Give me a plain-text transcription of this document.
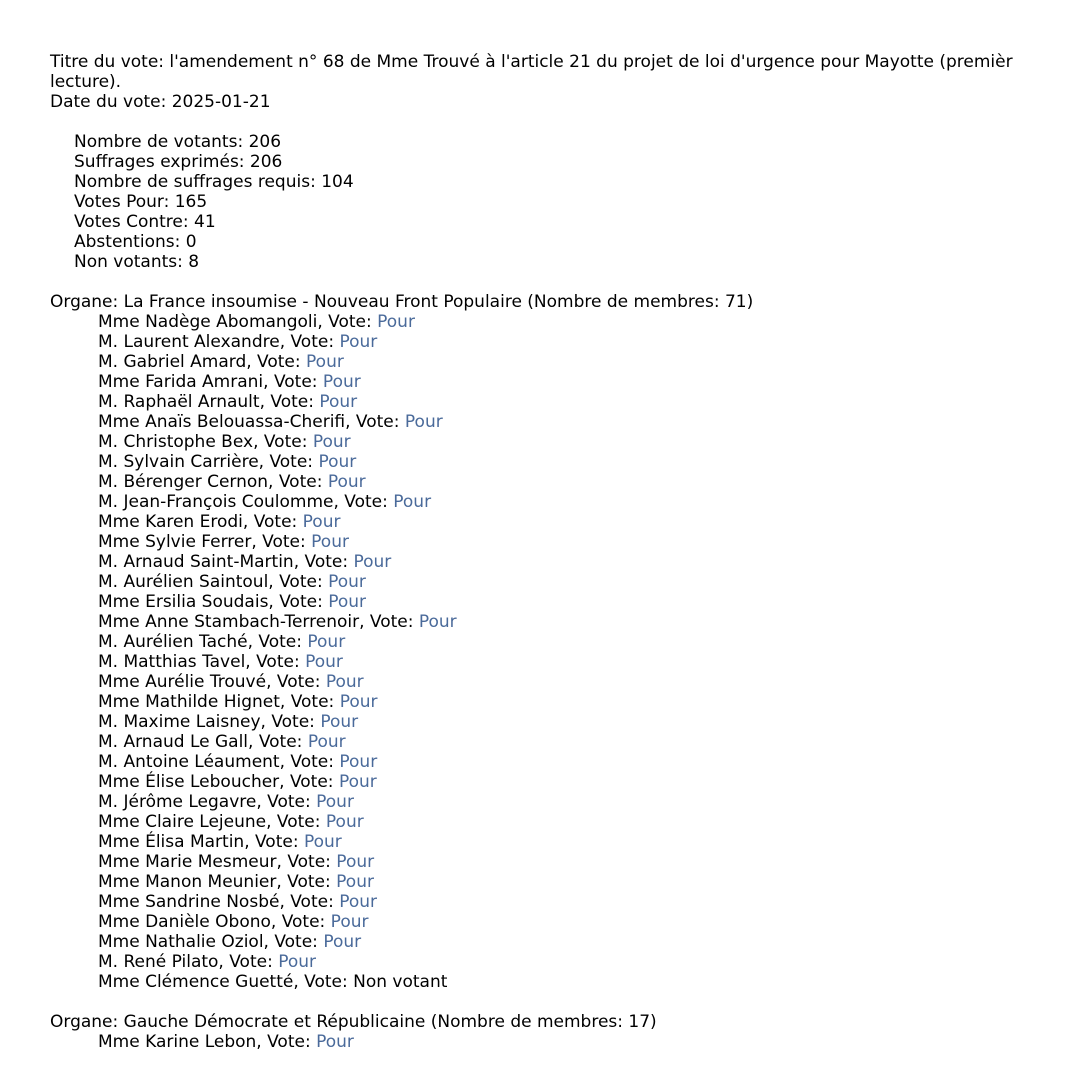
Titre du vote: l'amendement n° 68 de Mme Trouvé à l'article 21 du projet de loi d'urgence pour Mayotte (premièr
lecture).
Date du vote: 2025-01-21
Nombre de votants: 206
Suffrages exprimés: 206
Nombre de suffrages requis: 104
Votes Pour: 165
Votes Contre: 41
Abstentions: 0
Non votants: 8
Organe: La France insoumise - Nouveau Front Populaire (Nombre de membres: 71)
Mme Nadège Abomangoli, Vote: Pour
M. Laurent Alexandre, Vote: Pour
M. Gabriel Amard, Vote: Pour
Mme Farida Amrani, Vote: Pour
M. Raphaël Arnault, Vote: Pour
Mme Anaïs Belouassa-Cherifi, Vote: Pour
M. Christophe Bex, Vote: Pour
M. Sylvain Carrière, Vote: Pour
M. Bérenger Cernon, Vote: Pour
M. Jean-François Coulomme, Vote: Pour
Mme Karen Erodi, Vote: Pour
Mme Sylvie Ferrer, Vote: Pour
M. Arnaud Saint-Martin, Vote: Pour
M. Aurélien Saintoul, Vote: Pour
Mme Ersilia Soudais, Vote: Pour
Mme Anne Stambach-Terrenoir, Vote: Pour
M. Aurélien Taché, Vote: Pour
M. Matthias Tavel, Vote: Pour
Mme Aurélie Trouvé, Vote: Pour
Mme Mathilde Hignet, Vote: Pour
M. Maxime Laisney, Vote: Pour
M. Arnaud Le Gall, Vote: Pour
M. Antoine Léaument, Vote: Pour
Mme Élise Leboucher, Vote: Pour
M. Jérôme Legavre, Vote: Pour
Mme Claire Lejeune, Vote: Pour
Mme Élisa Martin, Vote: Pour
Mme Marie Mesmeur, Vote: Pour
Mme Manon Meunier, Vote: Pour
Mme Sandrine Nosbé, Vote: Pour
Mme Danièle Obono, Vote: Pour
Mme Nathalie Oziol, Vote: Pour
M. René Pilato, Vote: Pour
Mme Clémence Guetté, Vote: Non votant
Organe: Gauche Démocrate et Républicaine (Nombre de membres: 17)
Mme Karine Lebon, Vote: Pour
